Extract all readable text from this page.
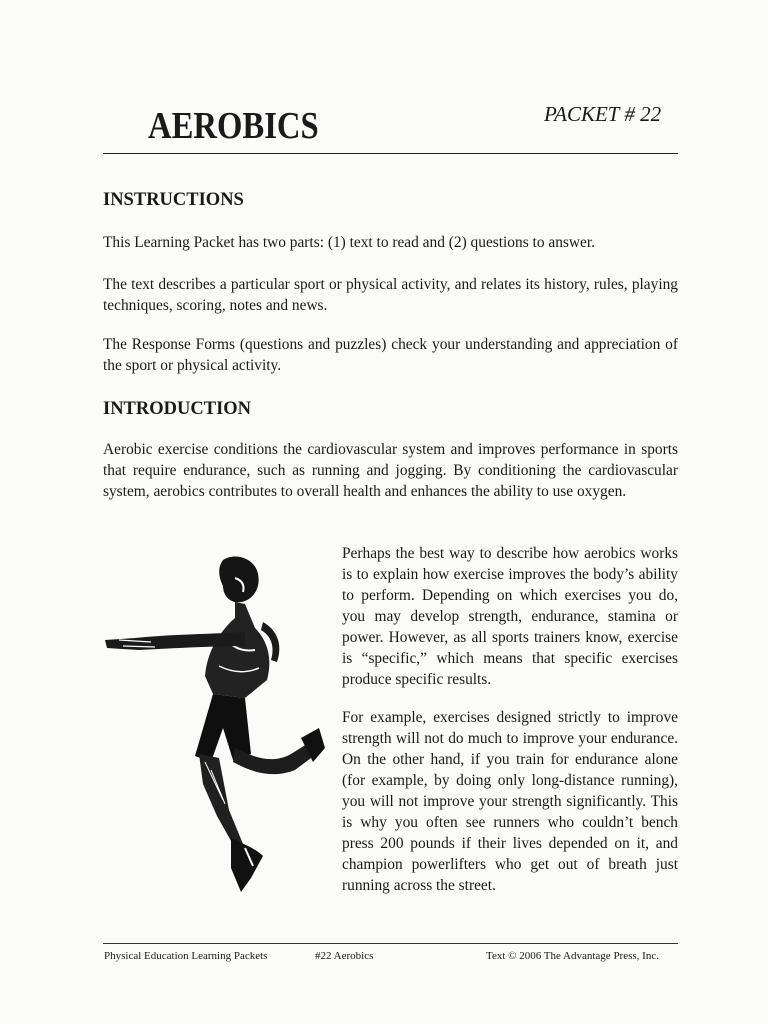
AEROBICS	PACKET # 22
INSTRUCTIONS

This Learning Packet has two parts: (1) text to read and (2) questions to answer.

The text describes a particular sport or physical activity, and relates its history, rules, playing techniques, scoring, notes and news.

The Response Forms (questions and puzzles) check your understanding and appreciation of the sport or physical activity.

INTRODUCTION

Aerobic exercise conditions the cardiovascular system and improves performance in sports that require endurance, such as running and jogging. By conditioning the cardiovascular system, aerobics contributes to overall health and enhances the ability to use oxygen.

Perhaps the best way to describe how aerobics works is to explain how exercise improves the body’s ability to perform. Depending on which exercises you do, you may develop strength, endurance, stamina or power. However, as all sports trainers know, exercise is “specific,” which means that specific exercises produce specific results.

For example, exercises designed strictly to improve strength will not do much to improve your endurance. On the other hand, if you train for endurance alone (for example, by doing only long-distance running), you will not improve your strength significantly. This is why you often see runners who couldn’t bench press 200 pounds if their lives depended on it, and champion powerlifters who get out of breath just running across the street.

Physical Education Learning Packets	#22 Aerobics	Text © 2006 The Advantage Press, Inc.
